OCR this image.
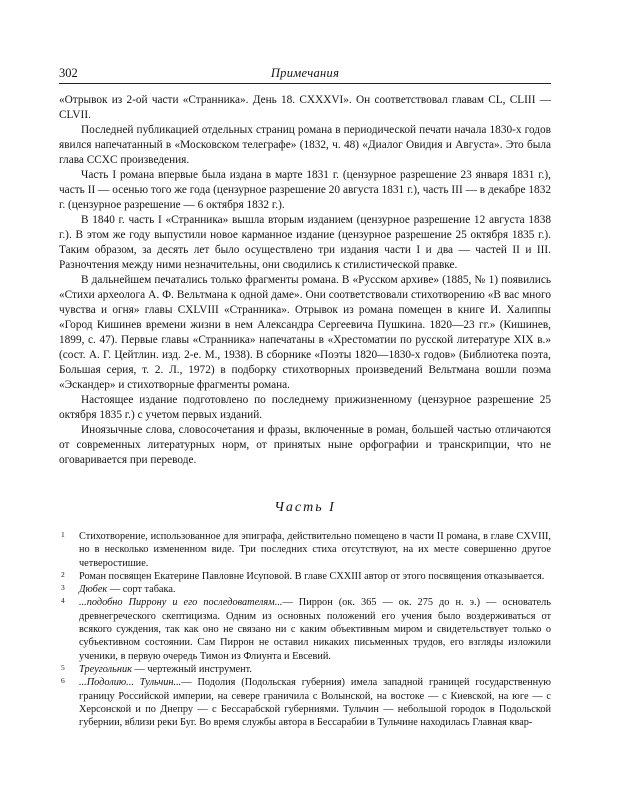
302	Примечания

«Отрывок из 2-ой части «Странника». День 18. CXXXVI». Он соответствовал главам CL, CLIII — CLVII.

Последней публикацией отдельных страниц романа в периодической печати начала 1830-х годов явился напечатанный в «Московском телеграфе» (1832, ч. 48) «Диалог Овидия и Августа». Это была глава CCXC произведения.

Часть I романа впервые была издана в марте 1831 г. (цензурное разрешение 23 января 1831 г.), часть II — осенью того же года (цензурное разрешение 20 августа 1831 г.), часть III — в декабре 1832 г. (цензурное разрешение — 6 октября 1832 г.).

В 1840 г. часть I «Странника» вышла вторым изданием (цензурное разрешение 12 августа 1838 г.). В этом же году выпустили новое карманное издание (цензурное разрешение 25 октября 1835 г.). Таким образом, за десять лет было осуществлено три издания части I и два — частей II и III. Разночтения между ними незначительны, они сводились к стилистической правке.

В дальнейшем печатались только фрагменты романа. В «Русском архиве» (1885, № 1) появились «Стихи археолога А. Ф. Вельтмана к одной даме». Они соответствовали стихотворению «В вас много чувства и огня» главы CXLVIII «Странника». Отрывок из романа помещен в книге И. Халиппы «Город Кишинев времени жизни в нем Александра Сергеевича Пушкина. 1820—23 гг.» (Кишинев, 1899, с. 47). Первые главы «Странника» напечатаны в «Хрестоматии по русской литературе XIX в.» (сост. А. Г. Цейтлин. изд. 2-е. М., 1938). В сборнике «Поэты 1820—1830-х годов» (Библиотека поэта, Большая серия, т. 2. Л., 1972) в подборку стихотворных произведений Вельтмана вошли поэма «Эскандер» и стихотворные фрагменты романа.

Настоящее издание подготовлено по последнему прижизненному (цензурное разрешение 25 октября 1835 г.) с учетом первых изданий.

Иноязычные слова, словосочетания и фразы, включенные в роман, большей частью отличаются от современных литературных норм, от принятых ныне орфографии и транскрипции, что не оговаривается при переводе.

Часть I
1 Стихотворение, использованное для эпиграфа, действительно помещено в части II романа, в главе CXVIII, но в несколько измененном виде. Три последних стиха отсутствуют, на их месте совершенно другое четверостишие.
2 Роман посвящен Екатерине Павловне Исуповой. В главе CXXIII автор от этого посвящения отказывается.
3 Дюбек — сорт табака.
4 ...подобно Пиррону и его последователям...— Пиррон (ок. 365 — ок. 275 до н. э.) — основатель древнегреческого скептицизма. Одним из основных положений его учения было воздерживаться от всякого суждения, так как оно не связано ни с каким объективным миром и свидетельствует только о субъективном состоянии. Сам Пиррон не оставил никаких письменных трудов, его взгляды изложили ученики, в первую очередь Тимон из Флиунта и Евсевий.
5 Треугольник — чертежный инструмент.
6 ...Подолию... Тульчин...— Подолия (Подольская губерния) имела западной границей государственную границу Российской империи, на севере граничила с Волынской, на востоке — с Киевской, на юге — с Херсонской и по Днепру — с Бессарабской губерниями. Тульчин — небольшой городок в Подольской губернии, вблизи реки Буг. Во время службы автора в Бессарабии в Тульчине находилась Главная квар-
